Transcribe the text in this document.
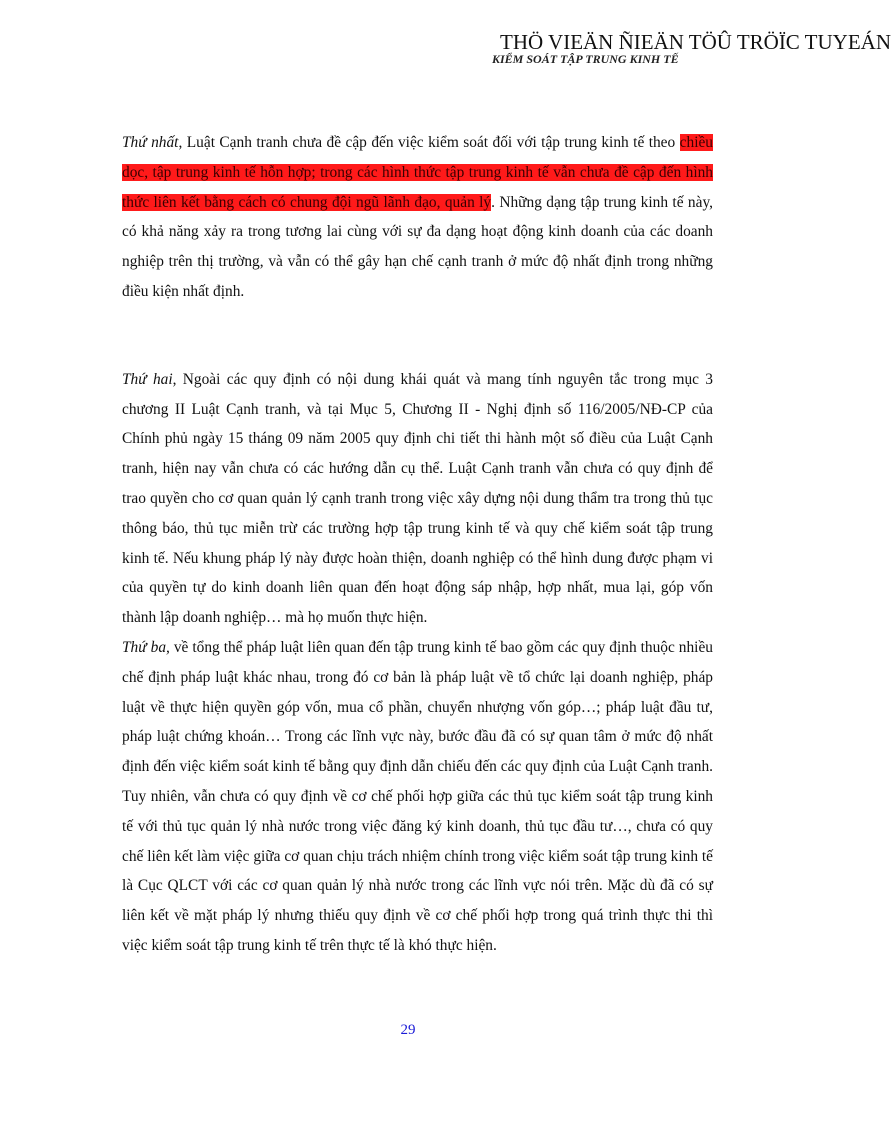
THÖ VIEÄN ÑIEÄN TÖÛ TRÖÏC TUYEÁN
KIỂM SOÁT TẬP TRUNG KINH TẾ

Thứ nhất, Luật Cạnh tranh chưa đề cập đến việc kiểm soát đối với tập trung kinh tế theo chiều dọc, tập trung kinh tế hỗn hợp; trong các hình thức tập trung kinh tế vẫn chưa đề cập đến hình thức liên kết bằng cách có chung đội ngũ lãnh đạo, quản lý. Những dạng tập trung kinh tế này, có khả năng xảy ra trong tương lai cùng với sự đa dạng hoạt động kinh doanh của các doanh nghiệp trên thị trường, và vẫn có thể gây hạn chế cạnh tranh ở mức độ nhất định trong những điều kiện nhất định.

Thứ hai, Ngoài các quy định có nội dung khái quát và mang tính nguyên tắc trong mục 3 chương II Luật Cạnh tranh, và tại Mục 5, Chương II - Nghị định số 116/2005/NĐ-CP của Chính phủ ngày 15 tháng 09 năm 2005 quy định chi tiết thi hành một số điều của Luật Cạnh tranh, hiện nay vẫn chưa có các hướng dẫn cụ thể. Luật Cạnh tranh vẫn chưa có quy định để trao quyền cho cơ quan quản lý cạnh tranh trong việc xây dựng nội dung thẩm tra trong thủ tục thông báo, thủ tục miễn trừ các trường hợp tập trung kinh tế và quy chế kiểm soát tập trung kinh tế. Nếu khung pháp lý này được hoàn thiện, doanh nghiệp có thể hình dung được phạm vi của quyền tự do kinh doanh liên quan đến hoạt động sáp nhập, hợp nhất, mua lại, góp vốn thành lập doanh nghiệp… mà họ muốn thực hiện.

Thứ ba, về tổng thể pháp luật liên quan đến tập trung kinh tế bao gồm các quy định thuộc nhiều chế định pháp luật khác nhau, trong đó cơ bản là pháp luật về tổ chức lại doanh nghiệp, pháp luật về thực hiện quyền góp vốn, mua cổ phần, chuyển nhượng vốn góp…; pháp luật đầu tư, pháp luật chứng khoán… Trong các lĩnh vực này, bước đầu đã có sự quan tâm ở mức độ nhất định đến việc kiểm soát kinh tế bằng quy định dẫn chiếu đến các quy định của Luật Cạnh tranh. Tuy nhiên, vẫn chưa có quy định về cơ chế phối hợp giữa các thủ tục kiểm soát tập trung kinh tế với thủ tục quản lý nhà nước trong việc đăng ký kinh doanh, thủ tục đầu tư…, chưa có quy chế liên kết làm việc giữa cơ quan chịu trách nhiệm chính trong việc kiểm soát tập trung kinh tế là Cục QLCT với các cơ quan quản lý nhà nước trong các lĩnh vực nói trên. Mặc dù đã có sự liên kết về mặt pháp lý nhưng thiếu quy định về cơ chế phối hợp trong quá trình thực thi thì việc kiểm soát tập trung kinh tế trên thực tế là khó thực hiện.

29
